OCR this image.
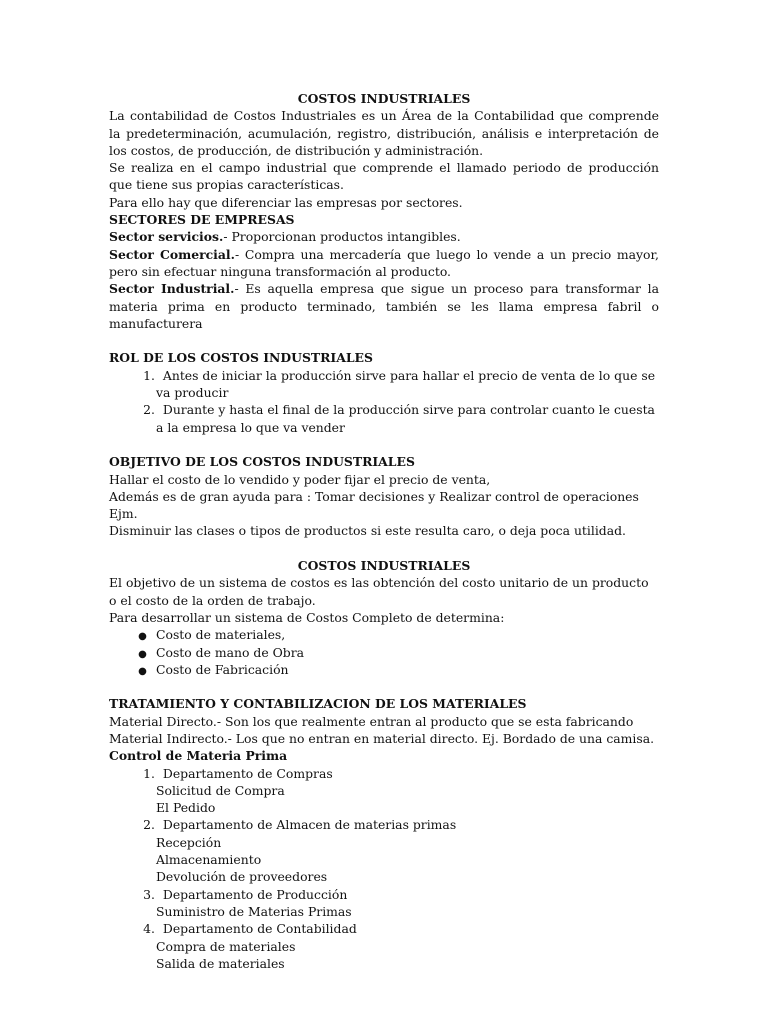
COSTOS INDUSTRIALES
La contabilidad de Costos Industriales es un Área de la Contabilidad que comprende
la predeterminación, acumulación, registro, distribución, análisis e interpretación de
los costos, de producción, de distribución y administración.
Se realiza en el campo industrial que comprende el llamado periodo de producción
que tiene sus propias características.
Para ello hay que diferenciar las empresas por sectores.
SECTORES DE EMPRESAS
Sector servicios.- Proporcionan productos intangibles.
Sector Comercial.- Compra una mercadería que luego lo vende a un precio mayor,
pero sin efectuar ninguna transformación al producto.
Sector Industrial.- Es aquella empresa que sigue un proceso para transformar la
materia prima en producto terminado, también se les llama empresa fabril o
manufacturera
ROL DE LOS COSTOS INDUSTRIALES
1. Antes de iniciar la producción sirve para hallar el precio de venta de lo que se
va producir
2. Durante y hasta el final de la producción sirve para controlar cuanto le cuesta
a la empresa lo que va vender
OBJETIVO DE LOS COSTOS INDUSTRIALES
Hallar el costo de lo vendido y poder fijar el precio de venta,
Además es de gran ayuda para : Tomar decisiones y Realizar control de operaciones
Ejm.
Disminuir las clases o tipos de productos si este resulta caro, o deja poca utilidad.
COSTOS INDUSTRIALES
El objetivo de un sistema de costos es las obtención del costo unitario de un producto
o el costo de la orden de trabajo.
Para desarrollar un sistema de Costos Completo de determina:
● Costo de materiales,
● Costo de mano de Obra
● Costo de Fabricación
TRATAMIENTO Y CONTABILIZACION DE LOS MATERIALES
Material Directo.- Son los que realmente entran al producto que se esta fabricando
Material Indirecto.- Los que no entran en material directo. Ej. Bordado de una camisa.
Control de Materia Prima
1. Departamento de Compras
Solicitud de Compra
El Pedido
2. Departamento de Almacen de materias primas
Recepción
Almacenamiento
Devolución de proveedores
3. Departamento de Producción
Suministro de Materias Primas
4. Departamento de Contabilidad
Compra de materiales
Salida de materiales
